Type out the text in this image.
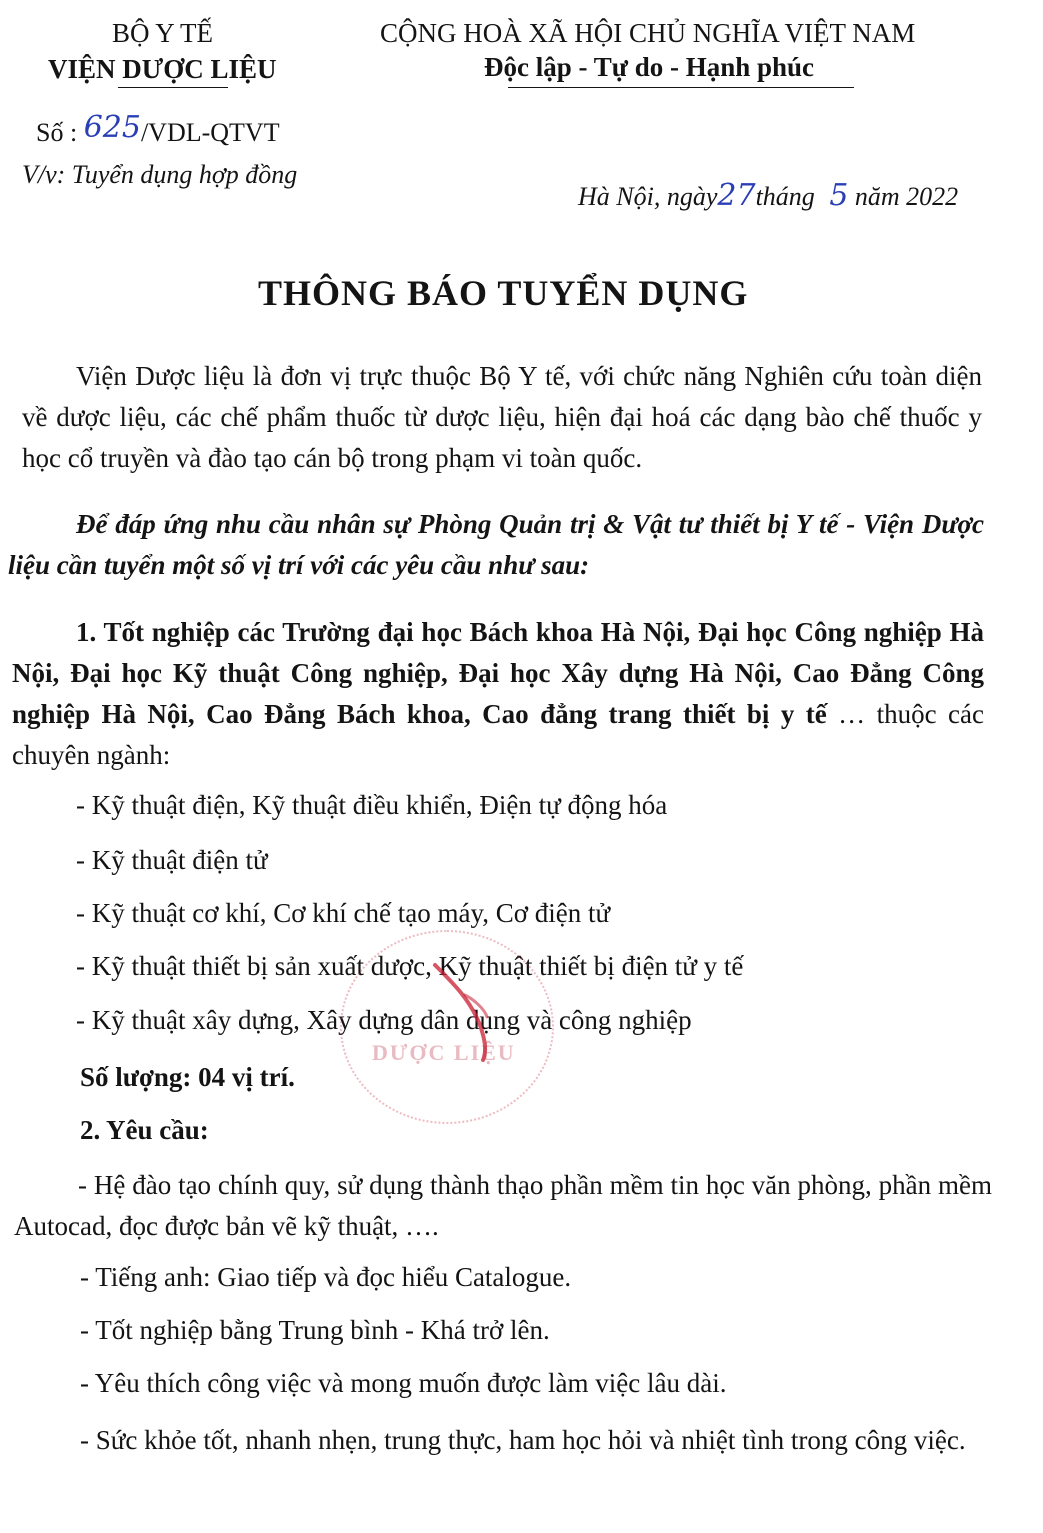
BỘ Y TẾ
VIỆN DƯỢC LIỆU
Số : 625/VDL-QTVT
V/v: Tuyển dụng hợp đồng
CỘNG HOÀ XÃ HỘI CHỦ NGHĨA VIỆT NAM
Độc lập - Tự do - Hạnh phúc
Hà Nội, ngày27tháng 5 năm 2022
THÔNG BÁO TUYỂN DỤNG
Viện Dược liệu là đơn vị trực thuộc Bộ Y tế, với chức năng Nghiên cứu toàn diện về dược liệu, các chế phẩm thuốc từ dược liệu, hiện đại hoá các dạng bào chế thuốc y học cổ truyền và đào tạo cán bộ trong phạm vi toàn quốc.
Để đáp ứng nhu cầu nhân sự Phòng Quản trị & Vật tư thiết bị Y tế - Viện Dược liệu cần tuyển một số vị trí với các yêu cầu như sau:
1. Tốt nghiệp các Trường đại học Bách khoa Hà Nội, Đại học Công nghiệp Hà Nội, Đại học Kỹ thuật Công nghiệp, Đại học Xây dựng Hà Nội, Cao Đẳng Công nghiệp Hà Nội, Cao Đẳng Bách khoa, Cao đẳng trang thiết bị y tế … thuộc các chuyên ngành:
- Kỹ thuật điện, Kỹ thuật điều khiển, Điện tự động hóa
- Kỹ thuật điện tử
- Kỹ thuật cơ khí, Cơ khí chế tạo máy, Cơ điện tử
- Kỹ thuật thiết bị sản xuất dược, Kỹ thuật thiết bị điện tử y tế
- Kỹ thuật xây dựng, Xây dựng dân dụng và công nghiệp
Số lượng: 04 vị trí.
2. Yêu cầu:
- Hệ đào tạo chính quy, sử dụng thành thạo phần mềm tin học văn phòng, phần mềm Autocad, đọc được bản vẽ kỹ thuật, ….
- Tiếng anh: Giao tiếp và đọc hiểu Catalogue.
- Tốt nghiệp bằng Trung bình - Khá trở lên.
- Yêu thích công việc và mong muốn được làm việc lâu dài.
- Sức khỏe tốt, nhanh nhẹn, trung thực, ham học hỏi và nhiệt tình trong công việc.
DƯỢC LIỆU
